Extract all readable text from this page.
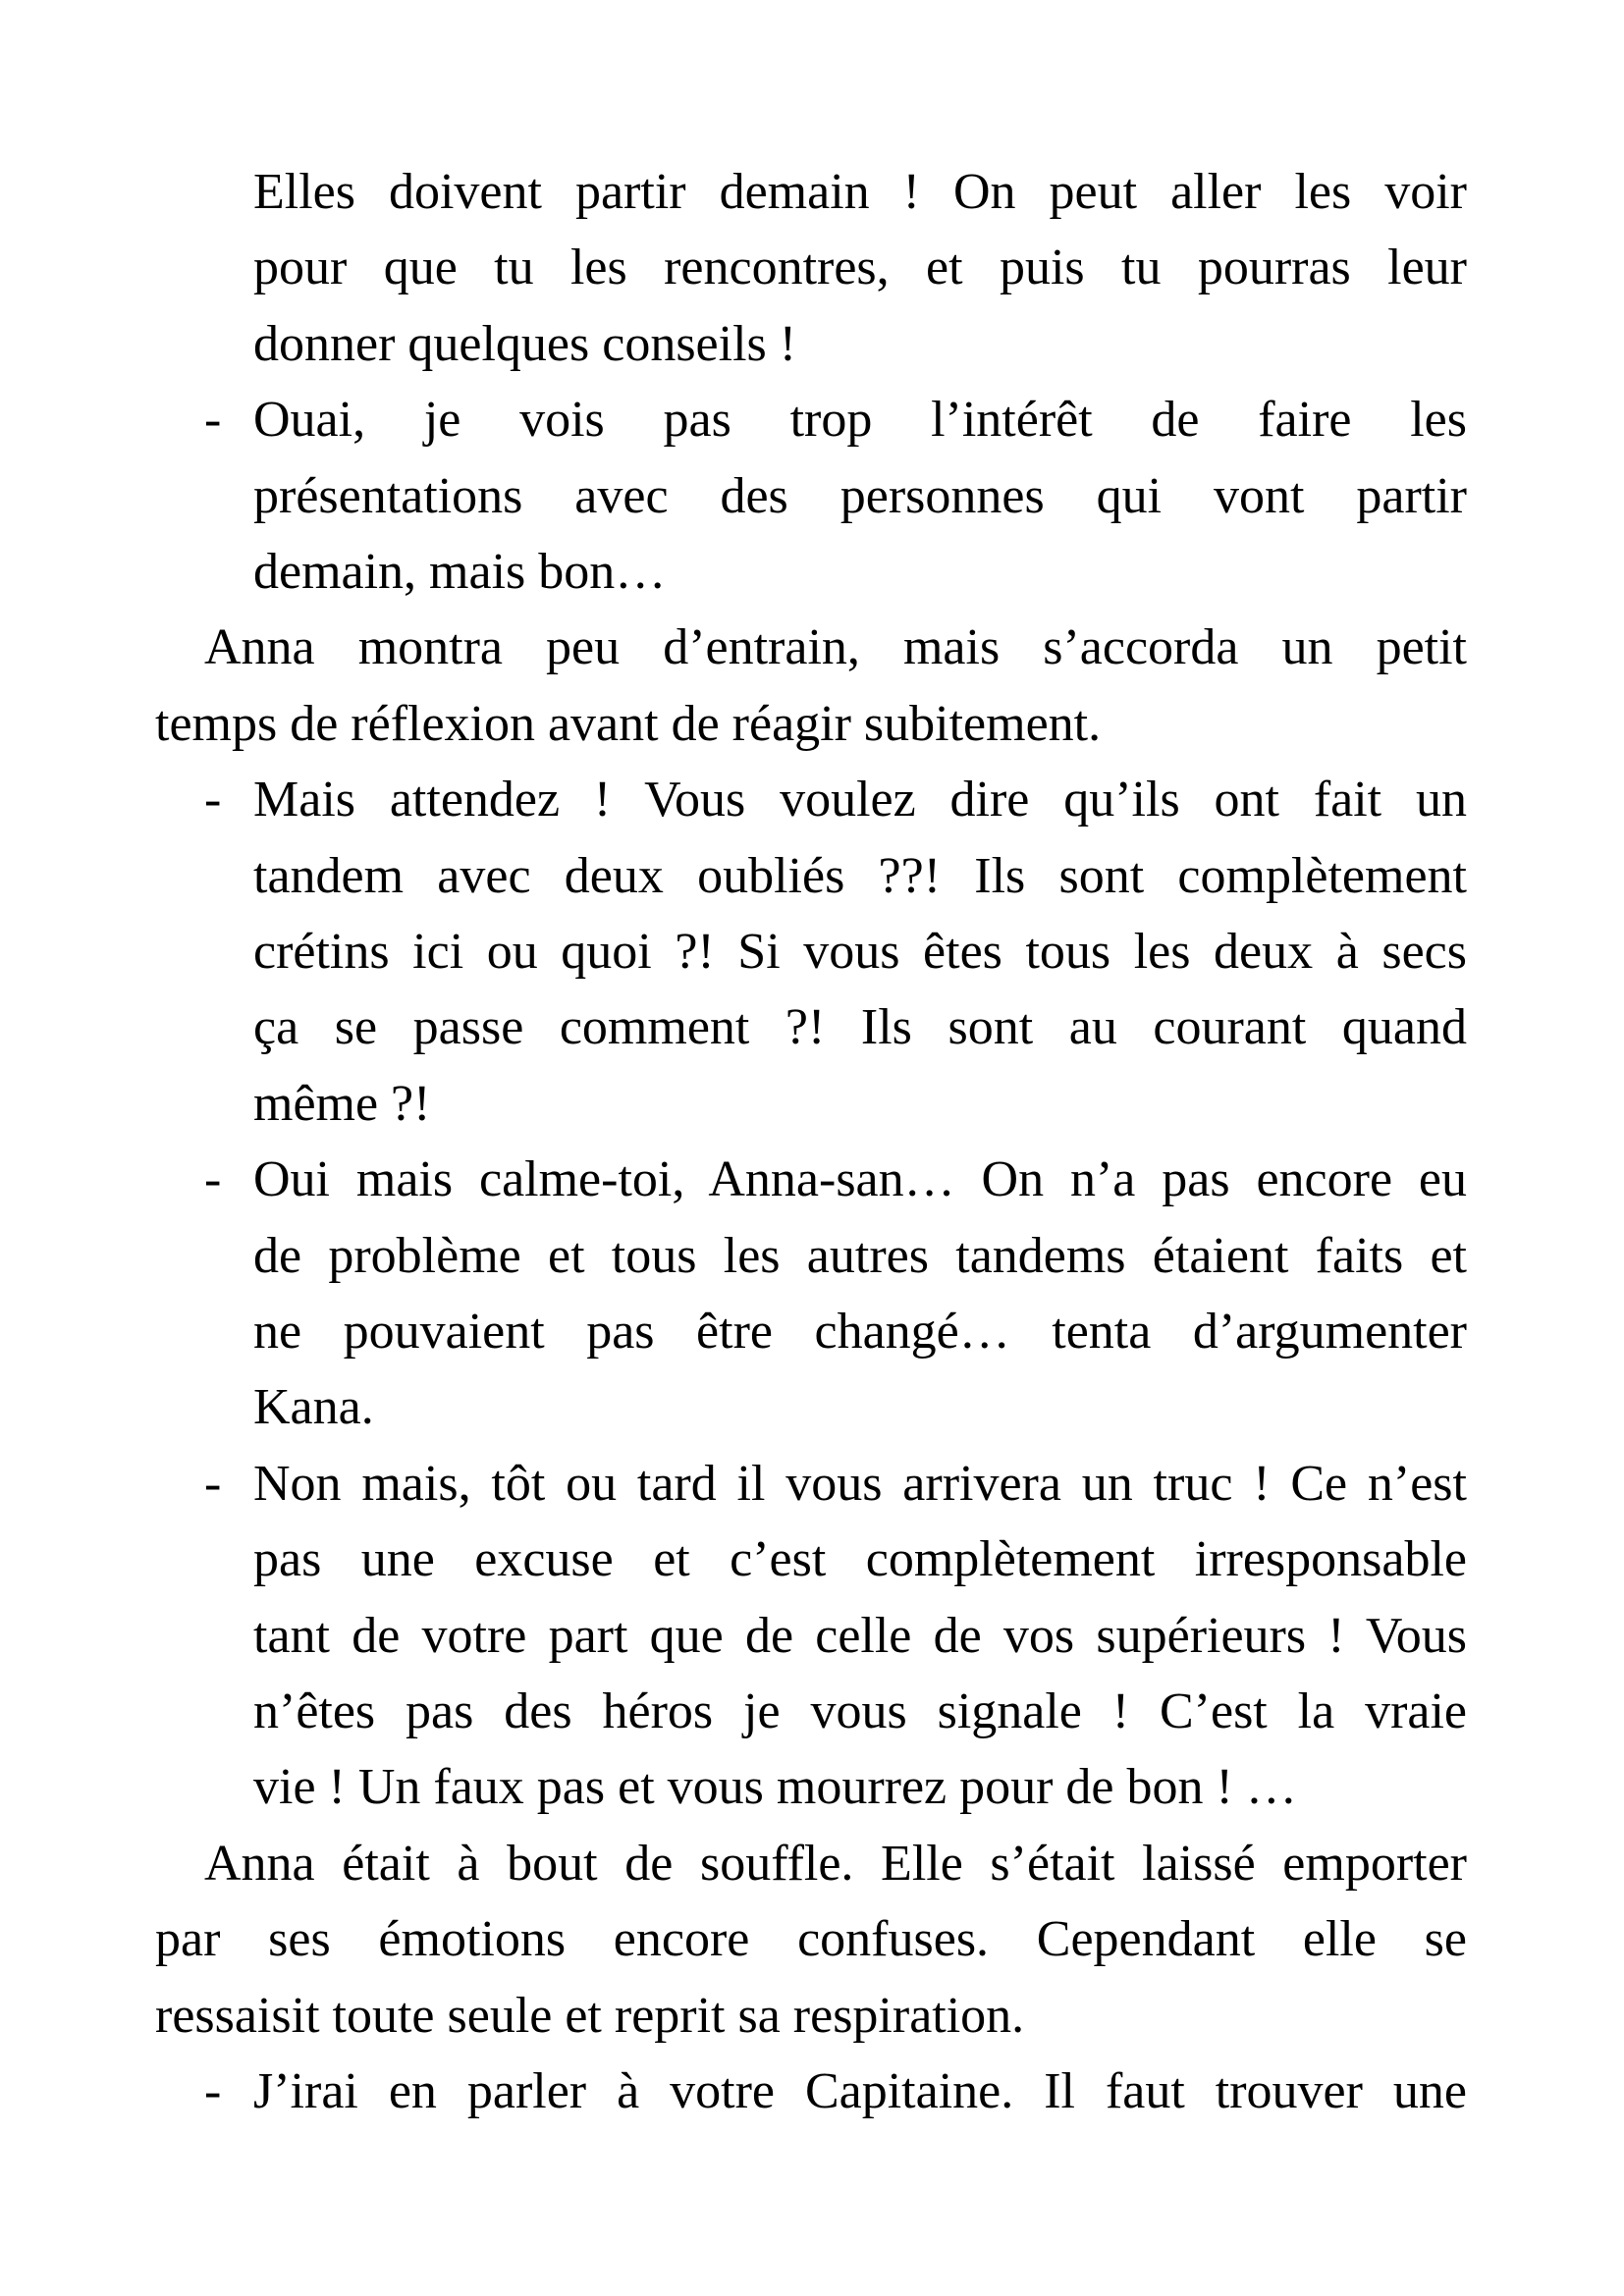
Elles doivent partir demain ! On peut aller les voir
pour que tu les rencontres, et puis tu pourras leur
donner quelques conseils !
- Ouai, je vois pas trop l’intérêt de faire les
présentations avec des personnes qui vont partir
demain, mais bon…
Anna montra peu d’entrain, mais s’accorda un petit
temps de réflexion avant de réagir subitement.
- Mais attendez ! Vous voulez dire qu’ils ont fait un
tandem avec deux oubliés ??! Ils sont complètement
crétins ici ou quoi ?! Si vous êtes tous les deux à secs
ça se passe comment ?! Ils sont au courant quand
même ?!
- Oui mais calme-toi, Anna-san… On n’a pas encore eu
de problème et tous les autres tandems étaient faits et
ne pouvaient pas être changé… tenta d’argumenter
Kana.
- Non mais, tôt ou tard il vous arrivera un truc ! Ce n’est
pas une excuse et c’est complètement irresponsable
tant de votre part que de celle de vos supérieurs ! Vous
n’êtes pas des héros je vous signale ! C’est la vraie
vie ! Un faux pas et vous mourrez pour de bon ! …
Anna était à bout de souffle. Elle s’était laissé emporter
par ses émotions encore confuses. Cependant elle se
ressaisit toute seule et reprit sa respiration.
- J’irai en parler à votre Capitaine. Il faut trouver une
